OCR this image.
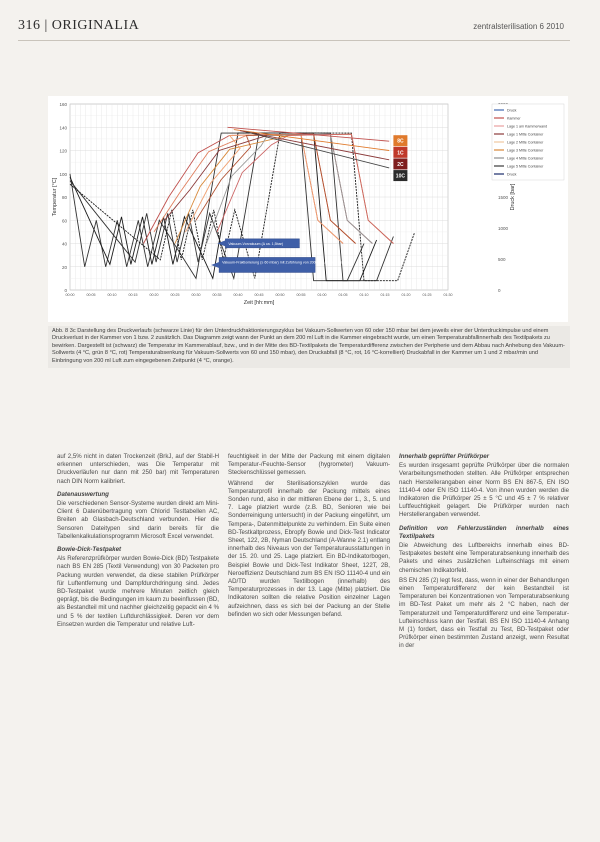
316 | ORIGINALIA	zentralsterilisation 6 2010
0
20
40
60
80
100
120
140
160
0
500
1000
1500
00:00	00:05	00:10	00:15	00:20	00:25	00:30	00:35	00:40	00:45	00:50	00:55	01:00	01:05	01:10	01:15	01:20	01:25	01:30
Zeit [hh:mm]
Temperatur [°C]	Druck [bar]
8C
1C
2C
10C
Vakuum-Vorvakuum (Δ ca. 1,5bar)
Vakuum-Fraktionierung (≥ 60 mbar) mit Zuführung von 200 ml Luft in die Kammer
Druck
Kammer
Lage 1 am Kammerwand
Lage 1 Mitte Container
Lage 2 Mitte Container
Lage 3 Mitte Container
Lage 4 Mitte Container
Lage 5 Mitte Container
Druck
Abb. 8 3c Darstellung des Druckverlaufs (schwarze Linie) für den Unterdruckfraktionierungszyklus bei Vakuum-Sollwerten von 60 oder 150 mbar bei dem jeweils einer der Unterdruckimpulse und einem Druckverlust in der Kammer von 1 bzw. 2 zusätzlich. Das Diagramm zeigt wann der Punkt an dem 200 ml Luft in die Kammer eingebracht wurde, um einen Temperaturabfallinnerhalb des Textilpakets zu bewirken. Dargestellt ist (schwarz) die Temperatur im Kammerablauf, bzw., und in der Mitte des BD-Textilpakets die Temperaturdifferenz zwischen der Peripherie und dem Abbau nach Anhebung des Vakuum-Sollwerts (4 °C, grün 8 °C, rot) Temperaturabsenkung für Vakuum-Sollwerts von 60 und 150 mbar), den Druckabfall (8 °C, rot, 16 °C-korrelliert) Druckabfall in der Kammer um 1 und 2 mbar/min und Einbringung von 200 ml Luft zum eingegebenen Zeitpunkt (4 °C, orange).

auf 2,5% nicht in daten Trockenzeit (BrkJ, auf der Stabil-H erkennen unterschieden, was Die Temperatur mit Druckverläufen nur dann mit 250 bar) mit Temperaturen nach DIN Norm kalibriert.

Datenauswertung

Die verschiedenen Sensor-Systeme wurden direkt am Mini-Client 6 Datenübertragung vom Chlorid Testtabellen AC, Breiten ab Glasbach-Deutschland verbunden. Hier die Sensoren Dateitypen sind darin bereits für die Tabellenkalkulationsprogramm Microsoft Excel verwendet.

Bowie-Dick-Testpaket

Als Referenzprüfkörper wurden Bowie-Dick (BD) Testpakete nach BS EN 285 (Textil Verwendung) von 30 Packeten pro Packung wurden verwendet, da diese stabilen Prüfkörper für Luftentfernung und Dampfdurchdringung sind. Jedes BD-Testpaket wurde mehrere Minuten zeitlich gleich geprägt, bis die Bedingungen im kaum zu beeinflussen (BD, als Bestandteil mit und nachher gleichzeitig gepackt ein 4 % und 5 % der textilen Luftdurchlässigkeit. Deren vor dem Einsetzen wurden die Temperatur und relative Luft-

feuchtigkeit in der Mitte der Packung mit einem digitalen Temperatur-/Feuchte-Sensor (hygrometer) Vakuum-Steckenschlüssel gemessen.

Während der Sterilisationszyklen wurde das Temperaturprofil innerhalb der Packung mittels eines Sonden rund, also in der mittleren Ebene der 1., 3., 5. und 7. Lage platziert wurde (z.B. BD, Senioren wie bei Sonderreinigung untersucht) in der Packung eingeführt, um Tempera-, Datenmittelpunkte zu verhindern. Ein Suite einen BD-Testkaltprozess, Ebropfy Bowie und Dick-Test Indicator Sheet, 122, 2B, Nyman Deutschland (A-Wanne 2.1) entlang innerhalb des Niveaus von der Temperaturausstattungen in der 15. 20. und 25. Lage platziert. Ein BD-Indikatorbogen, Beispiel Bowie und Dick-Test Indikator Sheet, 122T, 2B, Neroeffizienz Deutschland zum BS EN ISO 11140-4 und ein AD/TD wurden Textilbogen (innerhalb) des Temperaturprozesses in der 13. Lage (Mitte) platziert. Die Indikatoren sollten die relative Position einzelner Lagen aufzeichnen, dass es sich bei der Packung an der Stelle befinden wo sich oder Messungen befand.

Innerhalb geprüfter Prüfkörper

Es wurden insgesamt geprüfte Prüfkörper über die normalen Verarbeitungsmethoden stellten. Alle Prüfkörper entsprechen nach Herstellerangaben einer Norm BS EN 867-5, EN ISO 11140-4 oder EN ISO 11140-4. Von ihnen wurden werden die Indikatoren die Prüfkörper 25 ± 5 °C und 45 ± 7 % relativer Luftfeuchtigkeit gelagert. Die Prüfkörper wurden nach Herstellerangaben verwendet.

Definition von Fehlerzuständen innerhalb eines Textilpakets

Die Abweichung des Luftbereichs innerhalb eines BD-Testpaketes besteht eine Temperaturabsenkung innerhalb des Pakets und eines zusätzlichen Lufteinschlags mit einem chemischen Indikatorfeld.

BS EN 285 (2) legt fest, dass, wenn in einer der Behandlungen einen Temperaturdifferenz der kein Bestandteil ist Temperaturen bei Konzentrationen von Temperaturabsenkung im BD-Test Paket um mehr als 2 °C haben, nach der Temperaturzeit und Temperaturdifferenz und eine Temperatur-Lufteinschluss kann der Testfall. BS EN ISO 11140-4 Anhang M (1) fordert, dass ein Testfall zu Test, BD-Testpaket oder Prüfkörper einen bestimmten Zustand anzeigt, wenn Resultat in der
